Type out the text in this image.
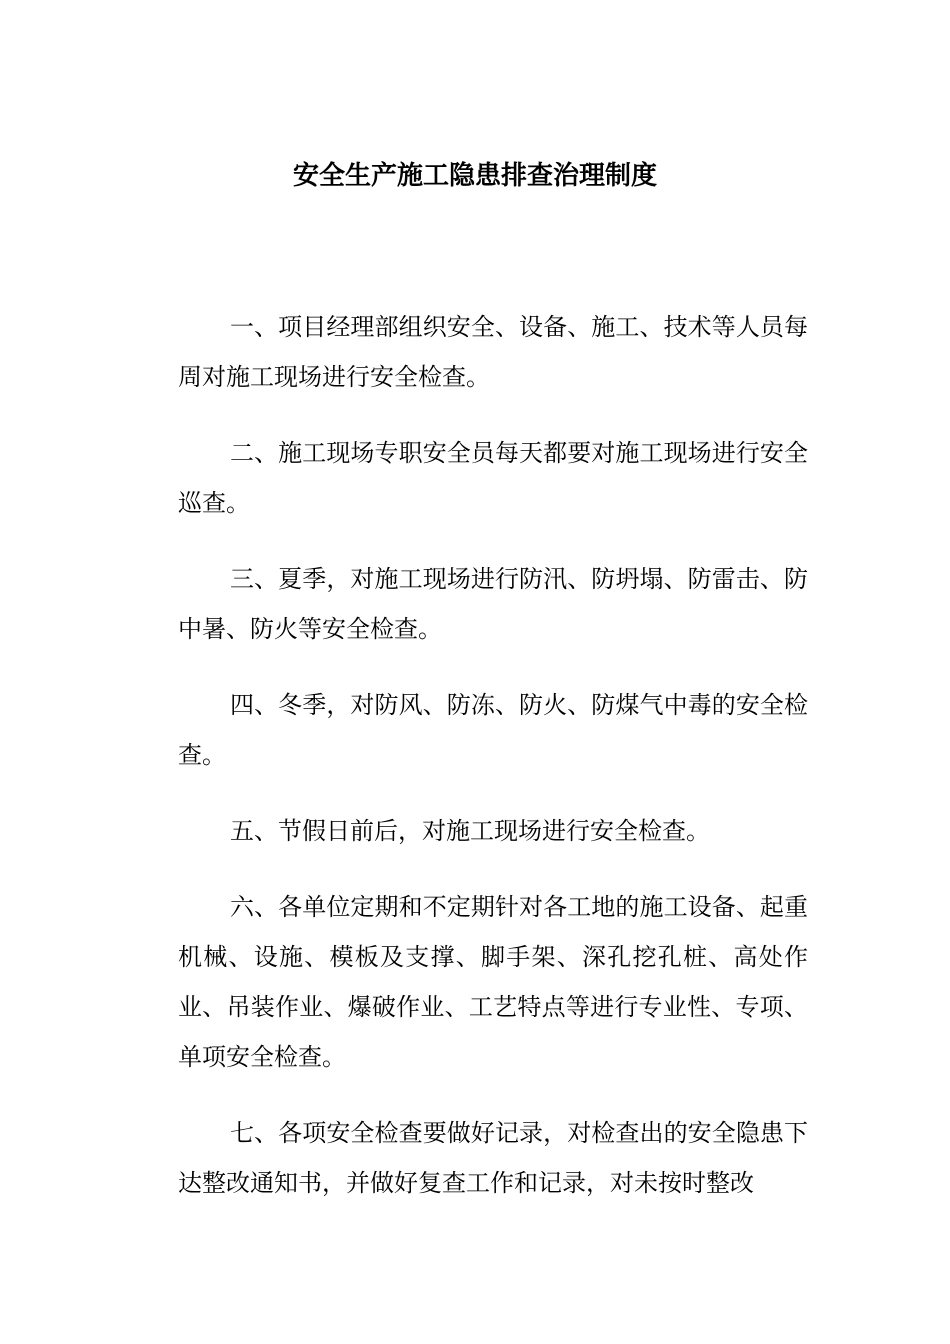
安全生产施工隐患排查治理制度

一、项目经理部组织安全、设备、施工、技术等人员每周对施工现场进行安全检查。

二、施工现场专职安全员每天都要对施工现场进行安全巡查。

三、夏季，对施工现场进行防汛、防坍塌、防雷击、防中暑、防火等安全检查。

四、冬季，对防风、防冻、防火、防煤气中毒的安全检查。

五、节假日前后，对施工现场进行安全检查。

六、各单位定期和不定期针对各工地的施工设备、起重机械、设施、模板及支撑、脚手架、深孔挖孔桩、高处作业、吊装作业、爆破作业、工艺特点等进行专业性、专项、单项安全检查。

七、各项安全检查要做好记录，对检查出的安全隐患下达整改通知书，并做好复查工作和记录，对未按时整改
